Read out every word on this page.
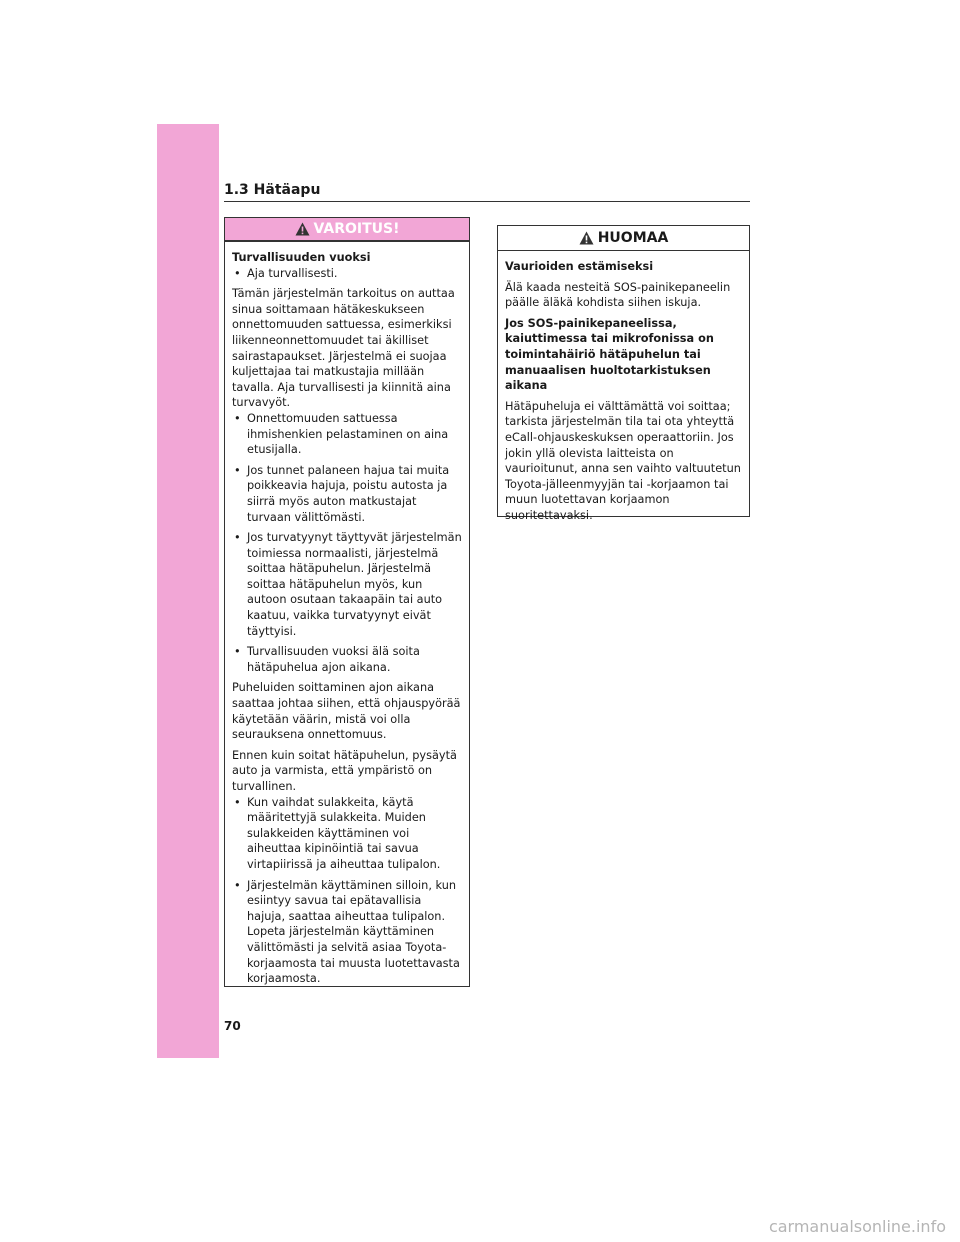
1.3 Hätäapu
VAROITUS!
Turvallisuuden vuoksi
• Aja turvallisesti.
Tämän järjestelmän tarkoitus on auttaa sinua soittamaan hätäkeskukseen onnettomuuden sattuessa, esimerkiksi liikenneonnettomuudet tai äkilliset sairastapaukset. Järjestelmä ei suojaa kuljettajaa tai matkustajia millään tavalla. Aja turvallisesti ja kiinnitä aina turvavyöt.
• Onnettomuuden sattuessa ihmishenkien pelastaminen on aina etusijalla.
• Jos tunnet palaneen hajua tai muita poikkeavia hajuja, poistu autosta ja siirrä myös auton matkustajat turvaan välittömästi.
• Jos turvatyynyt täyttyvät järjestelmän toimiessa normaalisti, järjestelmä soittaa hätäpuhelun. Järjestelmä soittaa hätäpuhelun myös, kun autoon osutaan takaapäin tai auto kaatuu, vaikka turvatyynyt eivät täyttyisi.
• Turvallisuuden vuoksi älä soita hätäpuhelua ajon aikana.
Puheluiden soittaminen ajon aikana saattaa johtaa siihen, että ohjauspyörää käytetään väärin, mistä voi olla seurauksena onnettomuus.
Ennen kuin soitat hätäpuhelun, pysäytä auto ja varmista, että ympäristö on turvallinen.
• Kun vaihdat sulakkeita, käytä määritettyjä sulakkeita. Muiden sulakkeiden käyttäminen voi aiheuttaa kipinöintiä tai savua virtapiirissä ja aiheuttaa tulipalon.
• Järjestelmän käyttäminen silloin, kun esiintyy savua tai epätavallisia hajuja, saattaa aiheuttaa tulipalon. Lopeta järjestelmän käyttäminen välittömästi ja selvitä asiaa Toyota-korjaamosta tai muusta luotettavasta korjaamosta.
HUOMAA
Vaurioiden estämiseksi
Älä kaada nesteitä SOS-painikepaneelin päälle äläkä kohdista siihen iskuja.
Jos SOS-painikepaneelissa, kaiuttimessa tai mikrofonissa on toimintahäiriö hätäpuhelun tai manuaalisen huoltotarkistuksen aikana
Hätäpuheluja ei välttämättä voi soittaa; tarkista järjestelmän tila tai ota yhteyttä eCall-ohjauskeskuksen operaattoriin. Jos jokin yllä olevista laitteista on vaurioitunut, anna sen vaihto valtuutetun Toyota-jälleenmyyjän tai -korjaamon tai muun luotettavan korjaamon suoritettavaksi.
70
carmanualsonline.info
